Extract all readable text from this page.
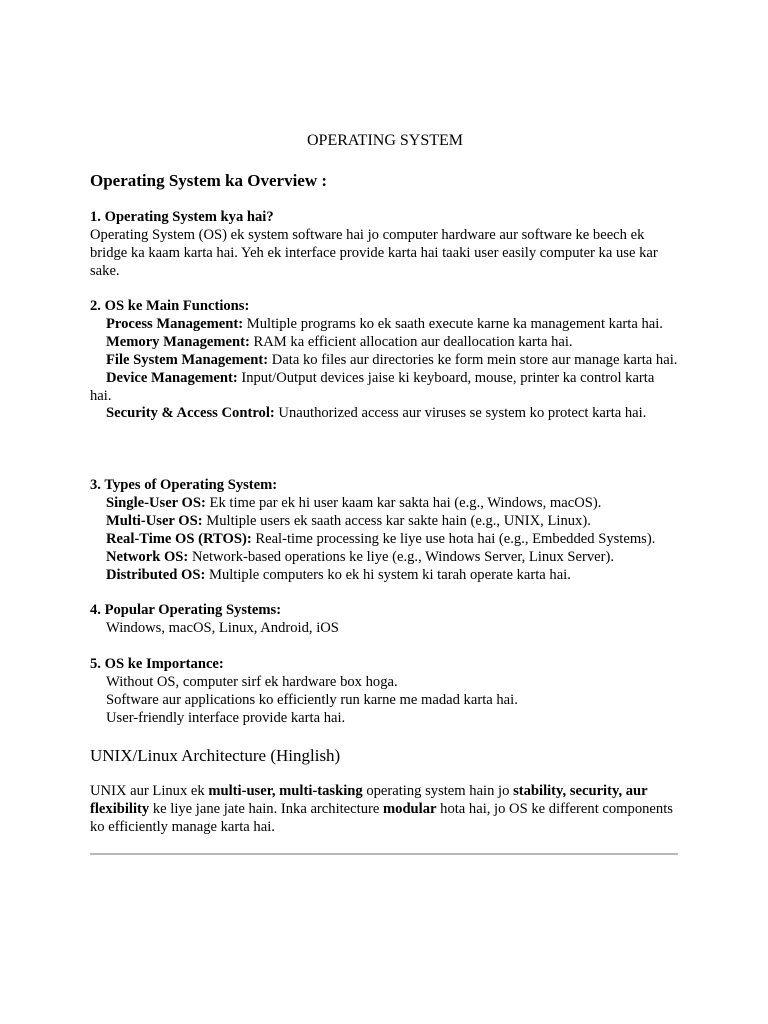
OPERATING SYSTEM
Operating System ka Overview :
1. Operating System kya hai?
Operating System (OS) ek system software hai jo computer hardware aur software ke beech ek bridge ka kaam karta hai. Yeh ek interface provide karta hai taaki user easily computer ka use kar sake.
2. OS ke Main Functions:
Process Management: Multiple programs ko ek saath execute karne ka management karta hai.
Memory Management: RAM ka efficient allocation aur deallocation karta hai.
File System Management: Data ko files aur directories ke form mein store aur manage karta hai.
Device Management: Input/Output devices jaise ki keyboard, mouse, printer ka control karta hai.
Security & Access Control: Unauthorized access aur viruses se system ko protect karta hai.
3. Types of Operating System:
Single-User OS: Ek time par ek hi user kaam kar sakta hai (e.g., Windows, macOS).
Multi-User OS: Multiple users ek saath access kar sakte hain (e.g., UNIX, Linux).
Real-Time OS (RTOS): Real-time processing ke liye use hota hai (e.g., Embedded Systems).
Network OS: Network-based operations ke liye (e.g., Windows Server, Linux Server).
Distributed OS: Multiple computers ko ek hi system ki tarah operate karta hai.
4. Popular Operating Systems:
Windows, macOS, Linux, Android, iOS
5. OS ke Importance:
Without OS, computer sirf ek hardware box hoga.
Software aur applications ko efficiently run karne me madad karta hai.
User-friendly interface provide karta hai.
UNIX/Linux Architecture (Hinglish)
UNIX aur Linux ek multi-user, multi-tasking operating system hain jo stability, security, aur flexibility ke liye jane jate hain. Inka architecture modular hota hai, jo OS ke different components ko efficiently manage karta hai.
